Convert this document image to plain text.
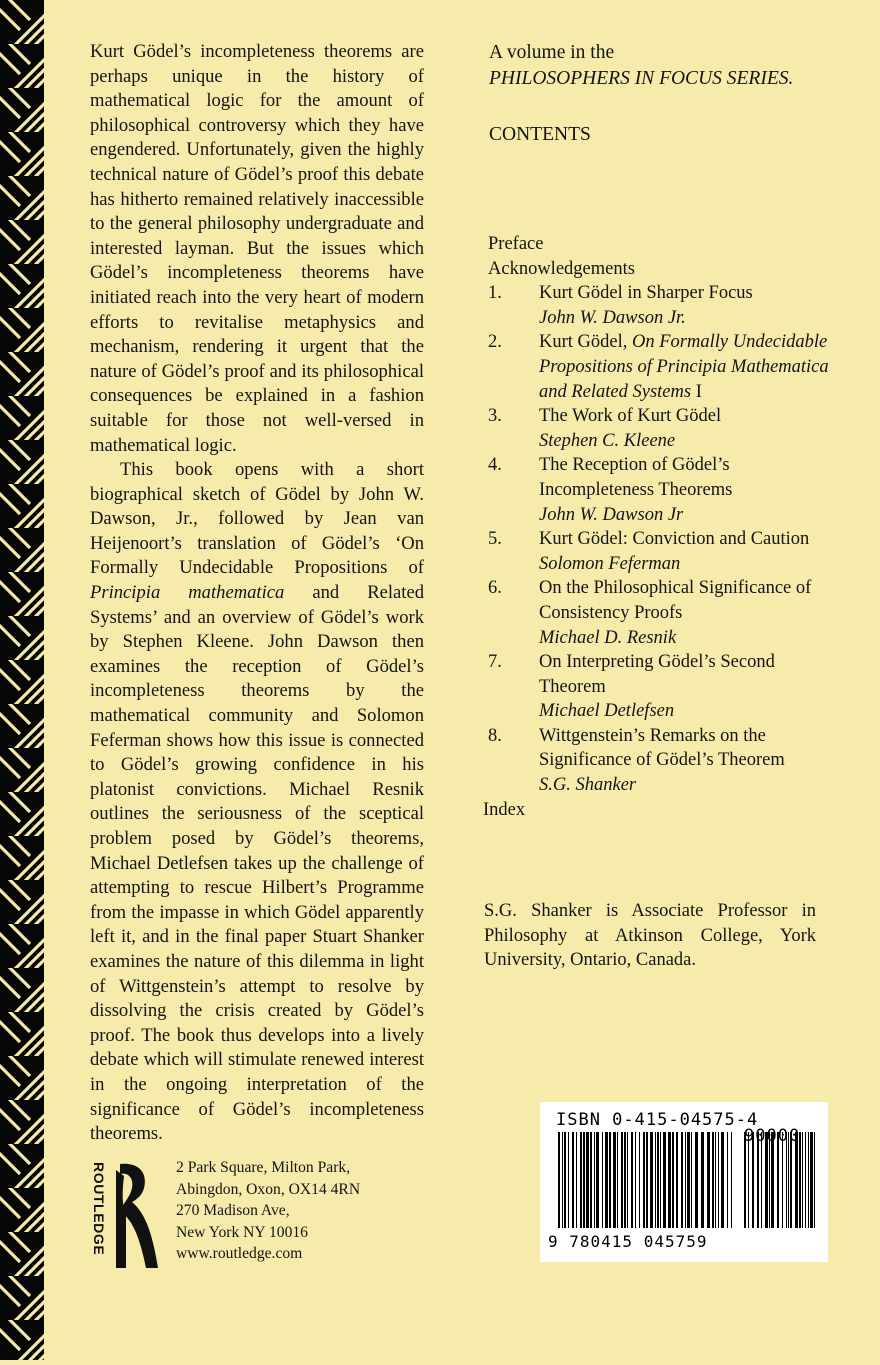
Kurt Gödel’s incompleteness theorems are perhaps unique in the history of mathematical logic for the amount of philosophical controversy which they have engendered. Unfortunately, given the highly technical nature of Gödel’s proof this debate has hitherto remained relatively inaccessible to the general philosophy undergraduate and interested layman. But the issues which Gödel’s incompleteness theorems have initiated reach into the very heart of modern efforts to revitalise metaphysics and mechanism, rendering it urgent that the nature of Gödel’s proof and its philosophical consequences be explained in a fashion suitable for those not well-versed in mathematical logic.

This book opens with a short biographical sketch of Gödel by John W. Dawson, Jr., followed by Jean van Heijenoort’s translation of Gödel’s ‘On Formally Undecidable Propositions of Principia mathematica and Related Systems’ and an overview of Gödel’s work by Stephen Kleene. John Dawson then examines the reception of Gödel’s incompleteness theorems by the mathematical community and Solomon Feferman shows how this issue is connected to Gödel’s growing confidence in his platonist convictions. Michael Resnik outlines the seriousness of the sceptical problem posed by Gödel’s theorems, Michael Detlefsen takes up the challenge of attempting to rescue Hilbert’s Programme from the impasse in which Gödel apparently left it, and in the final paper Stuart Shanker examines the nature of this dilemma in light of Wittgenstein’s attempt to resolve by dissolving the crisis created by Gödel’s proof. The book thus develops into a lively debate which will stimulate renewed interest in the ongoing interpretation of the significance of Gödel’s incompleteness theorems.

A volume in the

PHILOSOPHERS IN FOCUS SERIES.

CONTENTS

Preface

Acknowledgements

1.	Kurt Gödel in Sharper Focus
John W. Dawson Jr.
2.	Kurt Gödel, On Formally Undecidable Propositions of Principia Mathematica and Related Systems I
3.	The Work of Kurt Gödel
Stephen C. Kleene
4.	The Reception of Gödel’s Incompleteness Theorems
John W. Dawson Jr
5.	Kurt Gödel: Conviction and Caution
Solomon Feferman
6.	On the Philosophical Significance of Consistency Proofs
Michael D. Resnik
7.	On Interpreting Gödel’s Second Theorem
Michael Detlefsen
8.	Wittgenstein’s Remarks on the Significance of Gödel’s Theorem
S.G. Shanker

Index

S.G. Shanker is Associate Professor in Philosophy at Atkinson College, York University, Ontario, Canada.
ISBN 0-415-04575-4
9 780415 045759
ROUTLEDGE	2 Park Square, Milton Park,
Abingdon, Oxon, OX14 4RN
270 Madison Ave,
New York NY 10016
www.routledge.com
